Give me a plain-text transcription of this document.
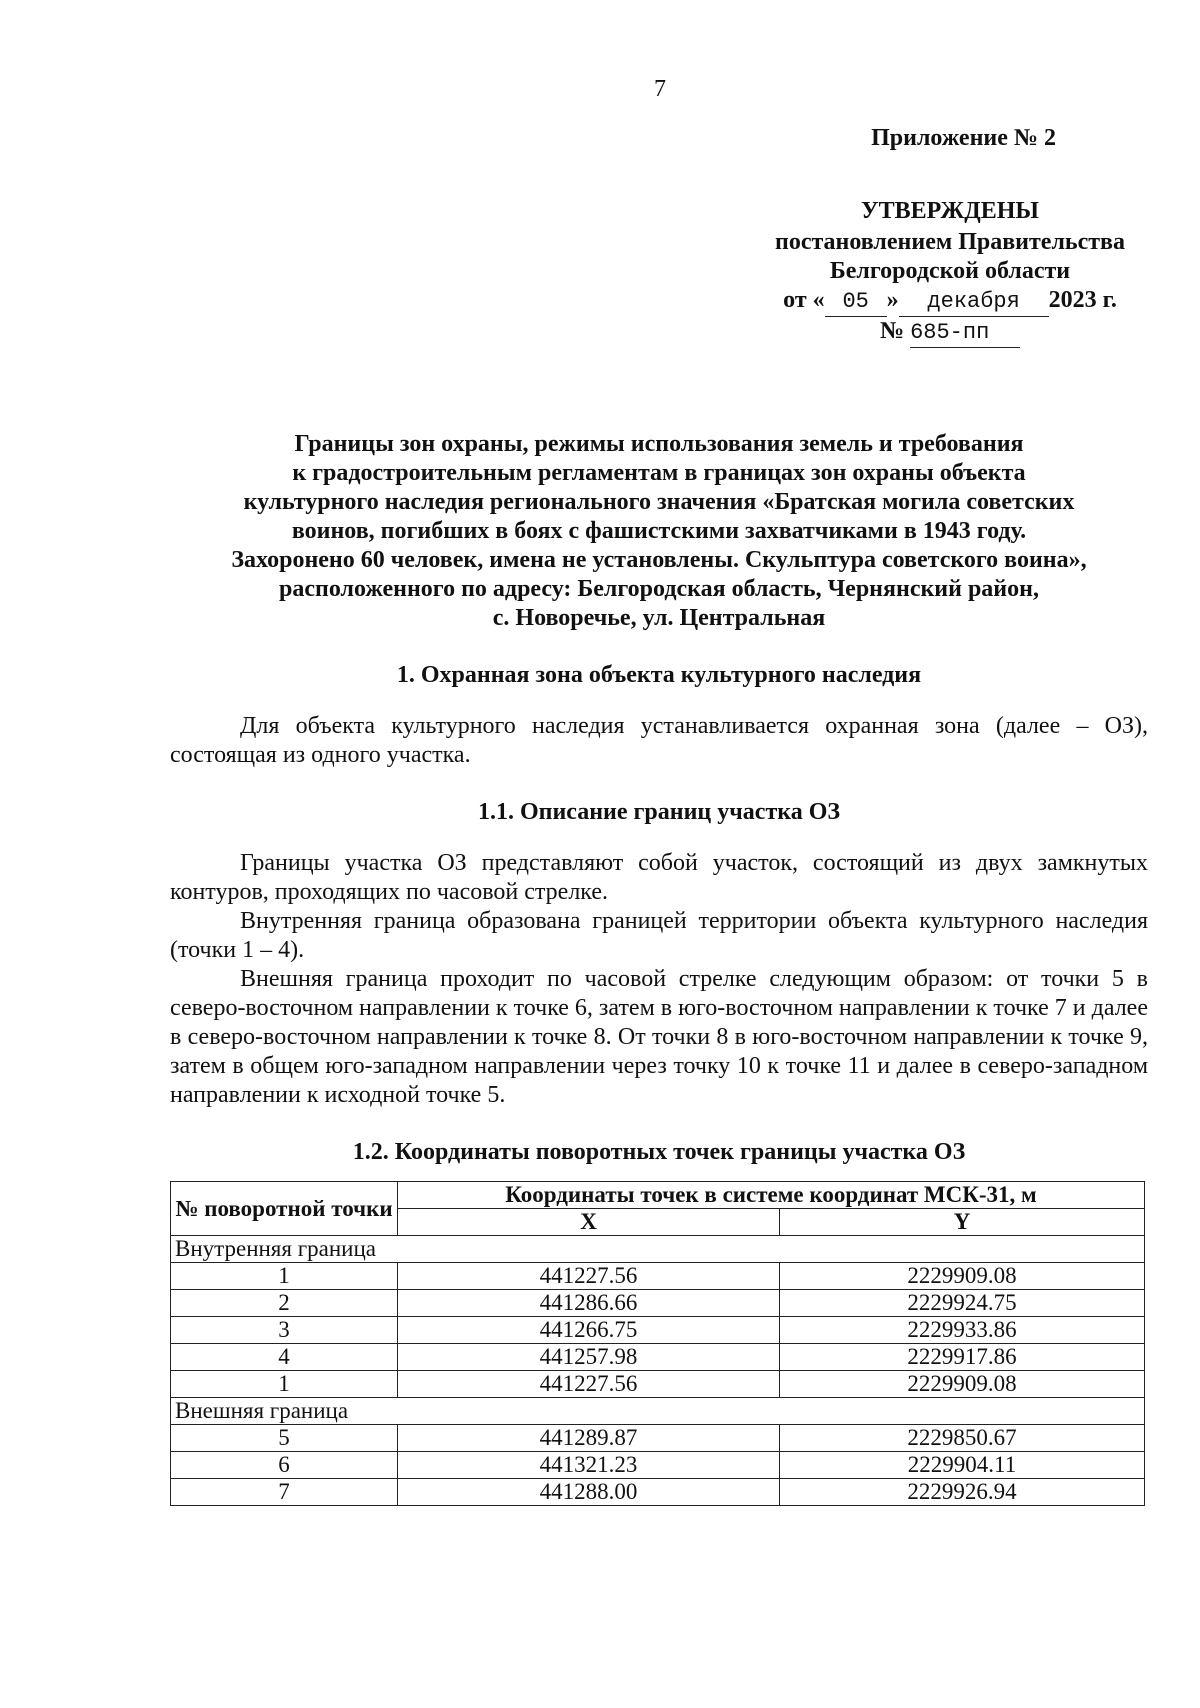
7
Приложение № 2
УТВЕРЖДЕНЫ
постановлением Правительства
Белгородской области
от « 05 » декабря 2023 г.
№ 685-пп
Границы зон охраны, режимы использования земель и требования
к градостроительным регламентам в границах зон охраны объекта
культурного наследия регионального значения «Братская могила советских
воинов, погибших в боях с фашистскими захватчиками в 1943 году.
Захоронено 60 человек, имена не установлены. Скульптура советского воина»,
расположенного по адресу: Белгородская область, Чернянский район,
с. Новоречье, ул. Центральная
1. Охранная зона объекта культурного наследия

Для объекта культурного наследия устанавливается охранная зона (далее – ОЗ), состоящая из одного участка.

1.1. Описание границ участка ОЗ

Границы участка ОЗ представляют собой участок, состоящий из двух замкнутых контуров, проходящих по часовой стрелке.

Внутренняя граница образована границей территории объекта культурного наследия (точки 1 – 4).

Внешняя граница проходит по часовой стрелке следующим образом: от точки 5 в северо-восточном направлении к точке 6, затем в юго-восточном направлении к точке 7 и далее в северо-восточном направлении к точке 8. От точки 8 в юго-восточном направлении к точке 9, затем в общем юго-западном направлении через точку 10 к точке 11 и далее в северо-западном направлении к исходной точке 5.

1.2. Координаты поворотных точек границы участка ОЗ
№ поворотной точки	Координаты точек в системе координат МСК-31, м	
	X	Y
Внутренняя граница		
1	441227.56	2229909.08
2	441286.66	2229924.75
3	441266.75	2229933.86
4	441257.98	2229917.86
1	441227.56	2229909.08
Внешняя граница		
5	441289.87	2229850.67
6	441321.23	2229904.11
7	441288.00	2229926.94
